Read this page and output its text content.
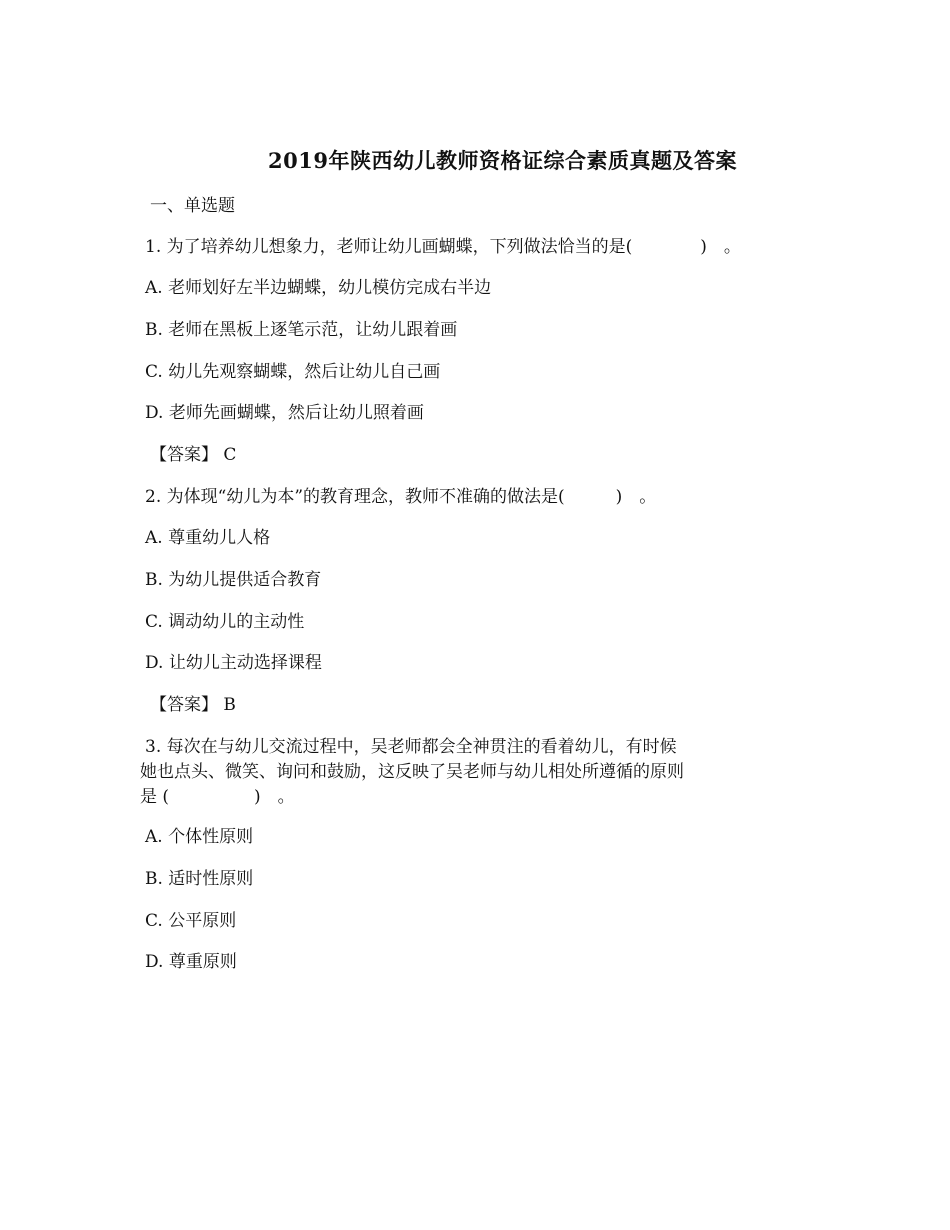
2019年陕西幼儿教师资格证综合素质真题及答案
一、单选题
1. 为了培养幼儿想象力，老师让幼儿画蝴蝶，下列做法恰当的是(　　　　)　。
A. 老师划好左半边蝴蝶，幼儿模仿完成右半边
B. 老师在黑板上逐笔示范，让幼儿跟着画
C. 幼儿先观察蝴蝶，然后让幼儿自己画
D. 老师先画蝴蝶，然后让幼儿照着画
【答案】 C
2. 为体现“幼儿为本”的教育理念，教师不准确的做法是(　　　)　。
A. 尊重幼儿人格
B. 为幼儿提供适合教育
C. 调动幼儿的主动性
D. 让幼儿主动选择课程
【答案】 B
3. 每次在与幼儿交流过程中，吴老师都会全神贯注的看着幼儿，有时候
她也点头、微笑、询问和鼓励，这反映了吴老师与幼儿相处所遵循的原则
是 (　　　　　)　。
A. 个体性原则
B. 适时性原则
C. 公平原则
D. 尊重原则
